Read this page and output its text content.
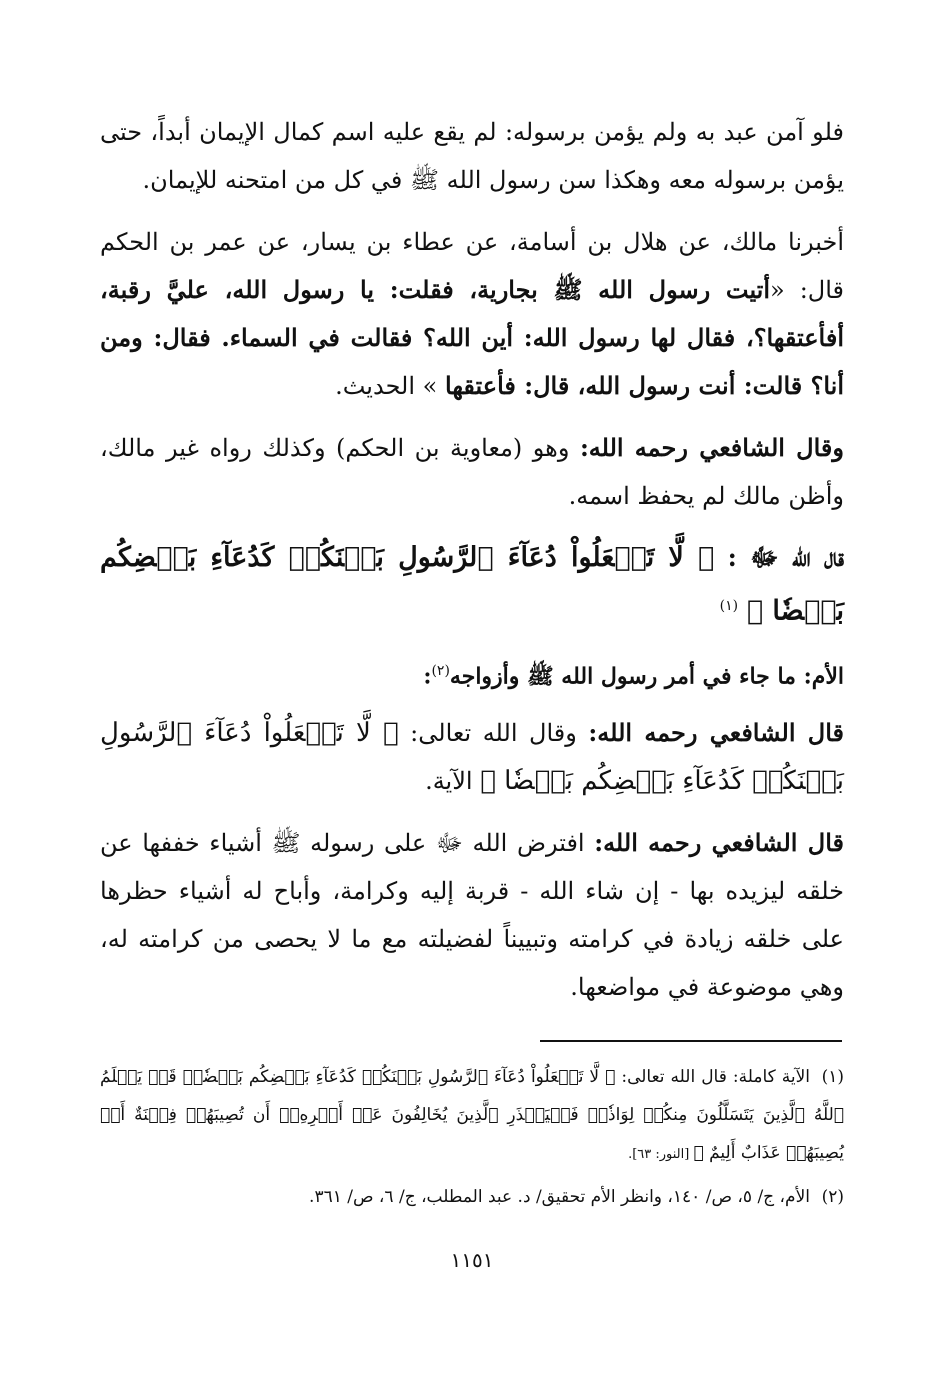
فلو آمن عبد به ولم يؤمن برسوله: لم يقع عليه اسم كمال الإيمان أبداً، حتى يؤمن برسوله معه وهكذا سن رسول الله ﷺ في كل من امتحنه للإيمان.

أخبرنا مالك، عن هلال بن أسامة، عن عطاء بن يسار، عن عمر بن الحكم قال: «أتيت رسول الله ﷺ بجارية، فقلت: يا رسول الله، عليَّ رقبة، أفأعتقها؟، فقال لها رسول الله: أين الله؟ فقالت في السماء. فقال: ومن أنا؟ قالت: أنت رسول الله، قال: فأعتقها » الحديث.

وقال الشافعي رحمه الله: وهو (معاوية بن الحكم) وكذلك رواه غير مالك، وأظن مالك لم يحفظ اسمه.

قال الله ﷻ : ﴿ لَّا تَجۡعَلُواْ دُعَآءَ ٱلرَّسُولِ بَيۡنَكُمۡ كَدُعَآءِ بَعۡضِكُم بَعۡضٗا ﴾ $^{(١)}$

الأم: ما جاء في أمر رسول الله ﷺ وأزواجه$^{(٢)}$:

قال الشافعي رحمه الله: وقال الله تعالى: ﴿ لَّا تَجۡعَلُواْ دُعَآءَ ٱلرَّسُولِ بَيۡنَكُمۡ كَدُعَآءِ بَعۡضِكُم بَعۡضٗا ﴾ الآية.

قال الشافعي رحمه الله: افترض الله ﷻ على رسوله ﷺ أشياء خففها عن خلقه ليزيده بها - إن شاء الله - قربة إليه وكرامة، وأباح له أشياء حظرها على خلقه زيادة في كرامته وتبييناً لفضيلته مع ما لا يحصى من كرامته له، وهي موضوعة في مواضعها.

(١)الآية كاملة: قال الله تعالى: ﴿ لَّا تَجۡعَلُواْ دُعَآءَ ٱلرَّسُولِ بَيۡنَكُمۡ كَدُعَآءِ بَعۡضِكُم بَعۡضٗاۚ قَدۡ يَعۡلَمُ ٱللَّهُ ٱلَّذِينَ يَتَسَلَّلُونَ مِنكُمۡ لِوَاذٗاۚ فَلۡيَحۡذَرِ ٱلَّذِينَ يُخَالِفُونَ عَنۡ أَمۡرِهِۦٓ أَن تُصِيبَهُمۡ فِتۡنَةٌ أَوۡ يُصِيبَهُمۡ عَذَابٌ أَلِيمٌ ﴾ [النور: ٦٣].

(٢)الأم، ج/ ٥، ص/ ١٤٠، وانظر الأم تحقيق/ د. عبد المطلب، ج/ ٦، ص/ ٣٦١.

١١٥١
